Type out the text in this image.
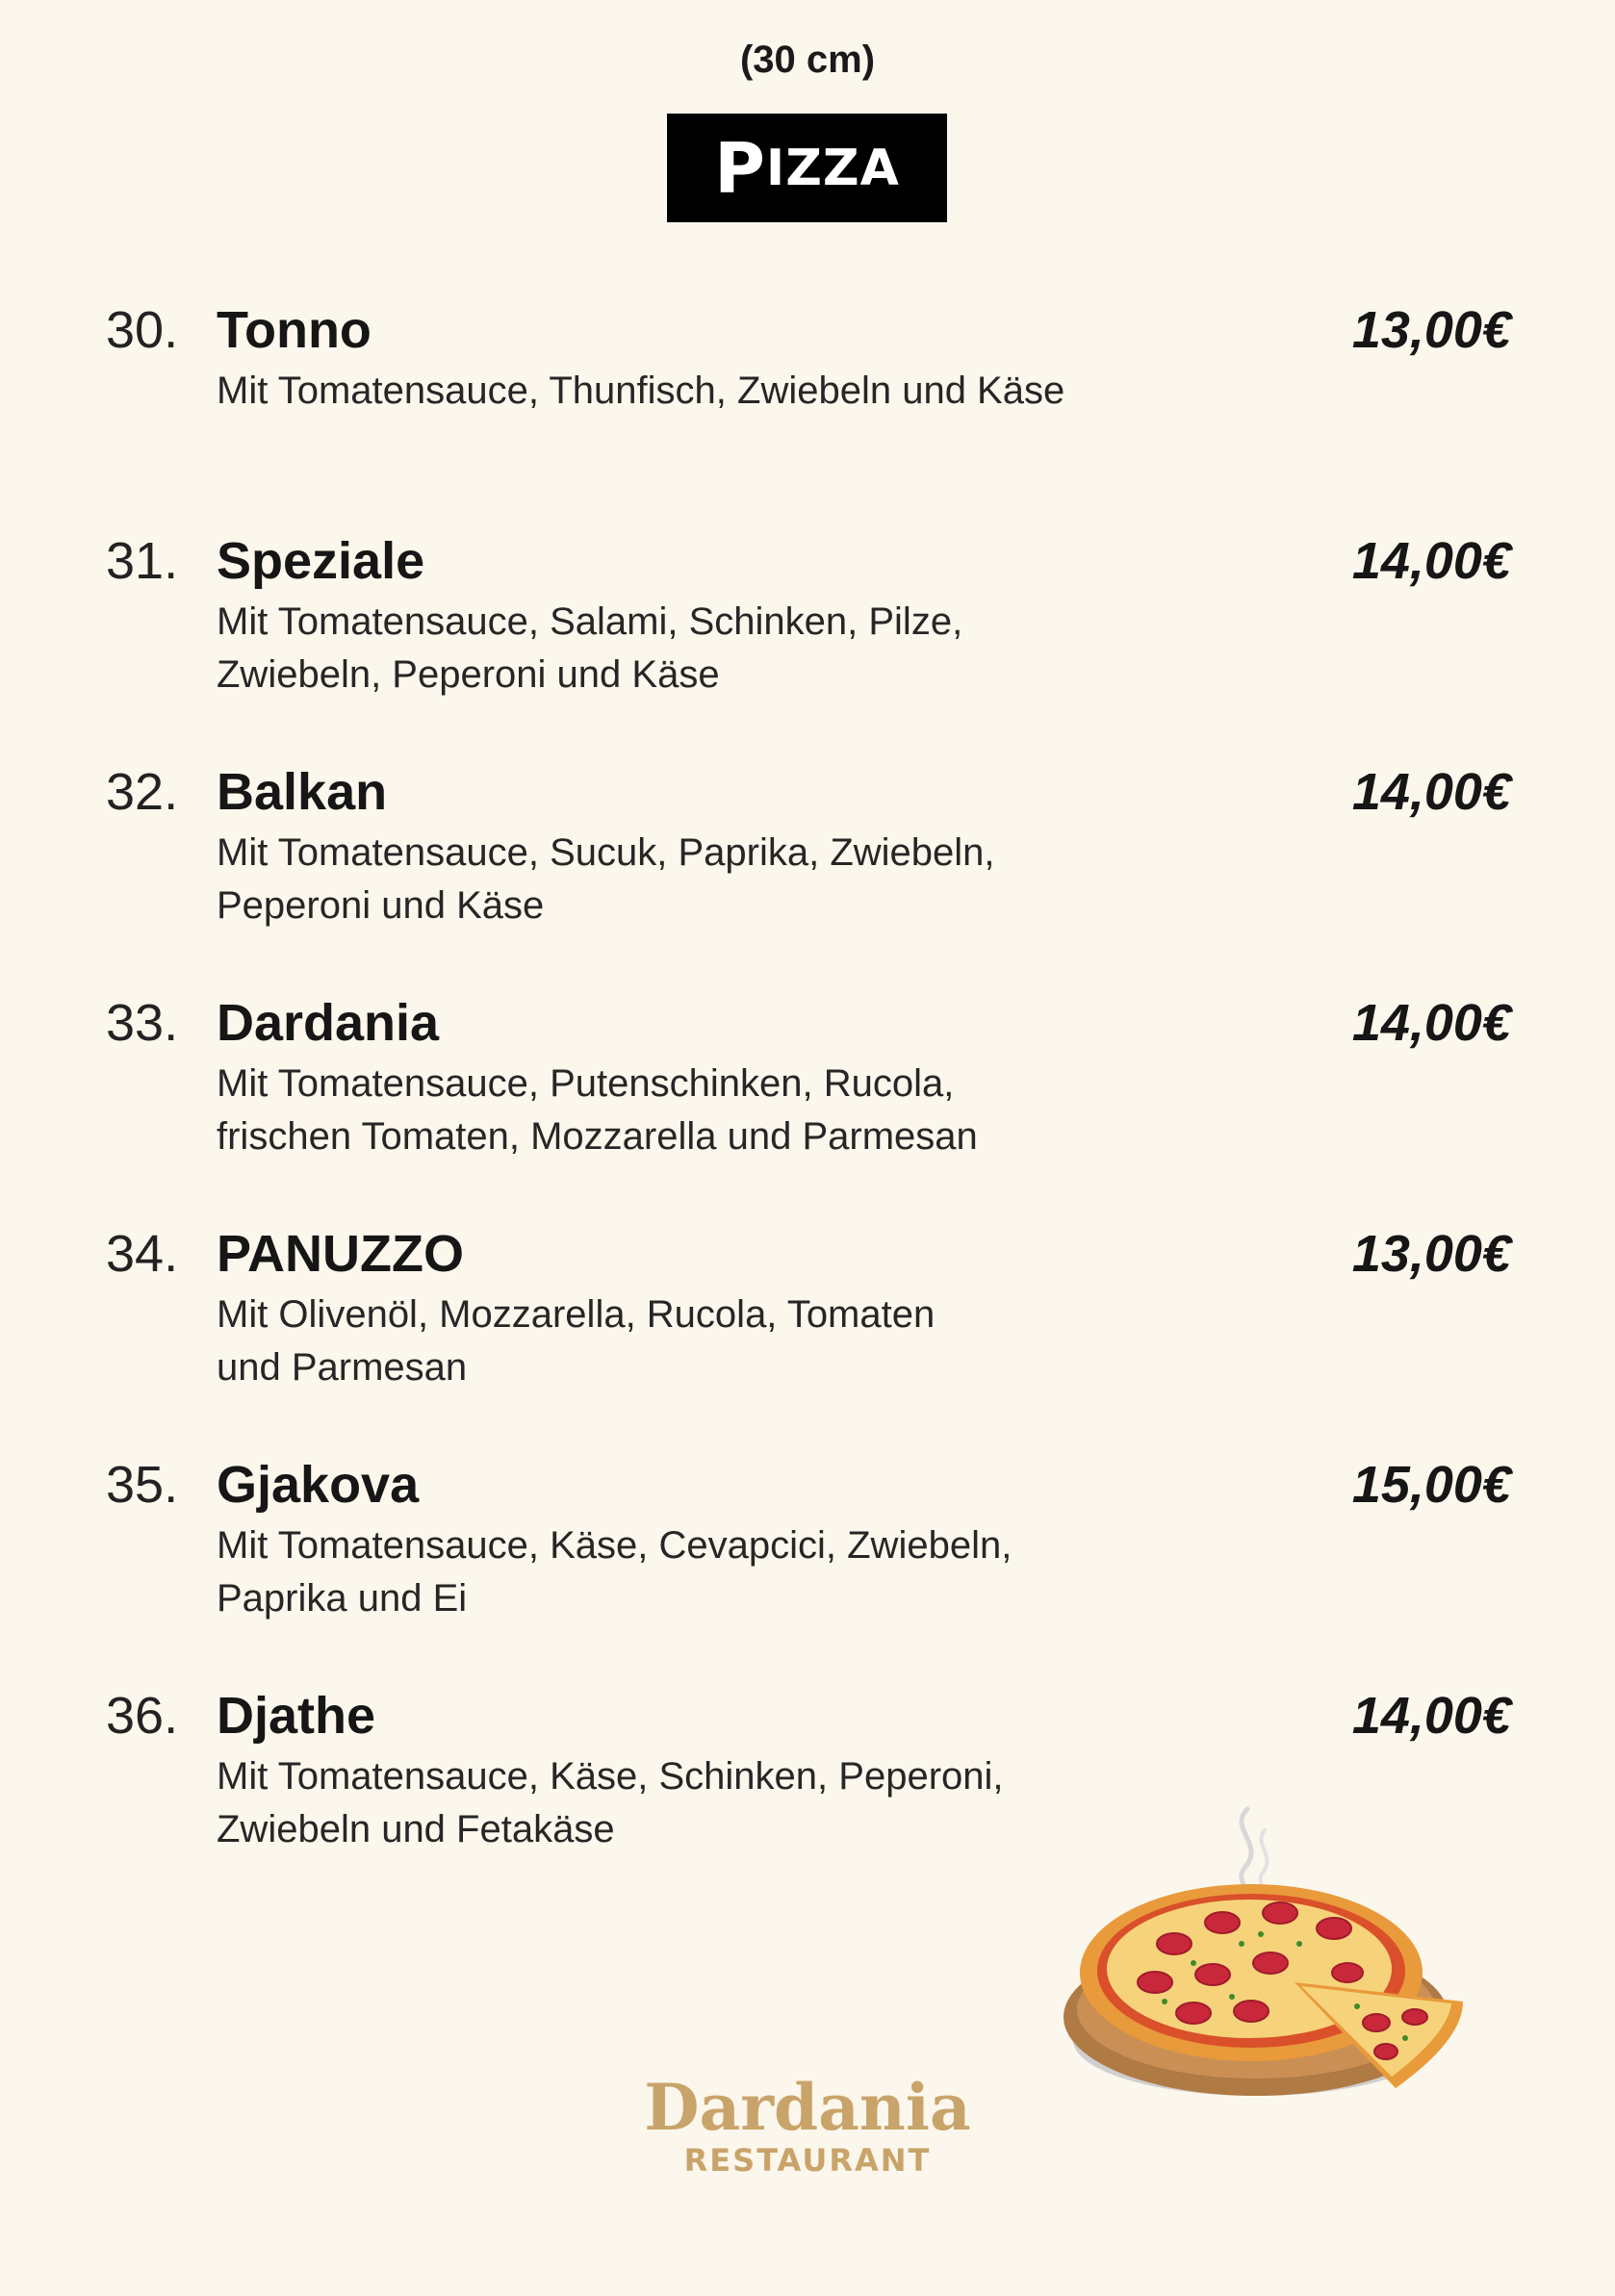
(30 cm)
P IZZA
30. Tonno	13,00€
Mit Tomatensauce, Thunfisch, Zwiebeln und Käse
31. Speziale	14,00€
Mit Tomatensauce, Salami, Schinken, Pilze,
Zwiebeln, Peperoni und Käse
32. Balkan	14,00€
Mit Tomatensauce, Sucuk, Paprika, Zwiebeln,
Peperoni und Käse
33. Dardania	14,00€
Mit Tomatensauce, Putenschinken, Rucola,
frischen Tomaten, Mozzarella und Parmesan
34. PANUZZO	13,00€
Mit Olivenöl, Mozzarella, Rucola, Tomaten
und Parmesan
35. Gjakova	15,00€
Mit Tomatensauce, Käse, Cevapcici, Zwiebeln,
Paprika und Ei
36. Djathe	14,00€
Mit Tomatensauce, Käse, Schinken, Peperoni,
Zwiebeln und Fetakäse
Dardania
RESTAURANT
